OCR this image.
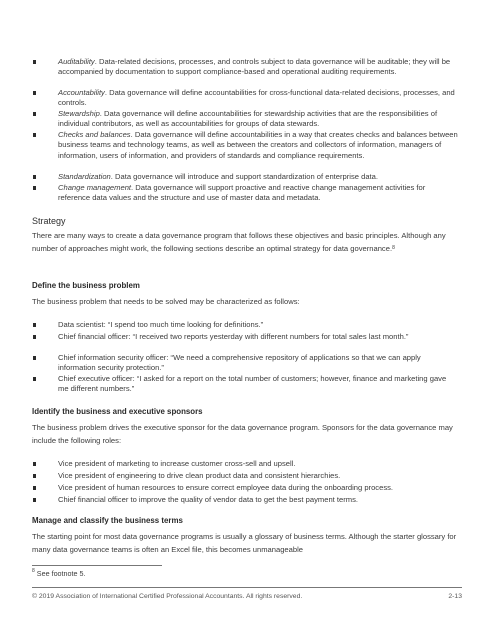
Auditability. Data-related decisions, processes, and controls subject to data governance will be auditable; they will be accompanied by documentation to support compliance-based and operational auditing requirements.
Accountability. Data governance will define accountabilities for cross-functional data-related decisions, processes, and controls.
Stewardship. Data governance will define accountabilities for stewardship activities that are the responsibilities of individual contributors, as well as accountabilities for groups of data stewards.
Checks and balances. Data governance will define accountabilities in a way that creates checks and balances between business teams and technology teams, as well as between the creators and collectors of information, managers of information, users of information, and providers of standards and compliance requirements.
Standardization. Data governance will introduce and support standardization of enterprise data.
Change management. Data governance will support proactive and reactive change management activities for reference data values and the structure and use of master data and metadata.
Strategy
There are many ways to create a data governance program that follows these objectives and basic principles. Although any number of approaches might work, the following sections describe an optimal strategy for data governance.$^8$
Define the business problem
The business problem that needs to be solved may be characterized as follows:
Data scientist: “I spend too much time looking for definitions.”
Chief financial officer: “I received two reports yesterday with different numbers for total sales last month.”
Chief information security officer: “We need a comprehensive repository of applications so that we can apply information security protection.”
Chief executive officer: “I asked for a report on the total number of customers; however, finance and marketing gave me different numbers.”
Identify the business and executive sponsors
The business problem drives the executive sponsor for the data governance program. Sponsors for the data governance may include the following roles:
Vice president of marketing to increase customer cross-sell and upsell.
Vice president of engineering to drive clean product data and consistent hierarchies.
Vice president of human resources to ensure correct employee data during the onboarding process.
Chief financial officer to improve the quality of vendor data to get the best payment terms.
Manage and classify the business terms
The starting point for most data governance programs is usually a glossary of business terms. Although the starter glossary for many data governance teams is often an Excel file, this becomes unmanageable
$^8$ See footnote 5.
© 2019 Association of International Certified Professional Accountants. All rights reserved.	2-13
